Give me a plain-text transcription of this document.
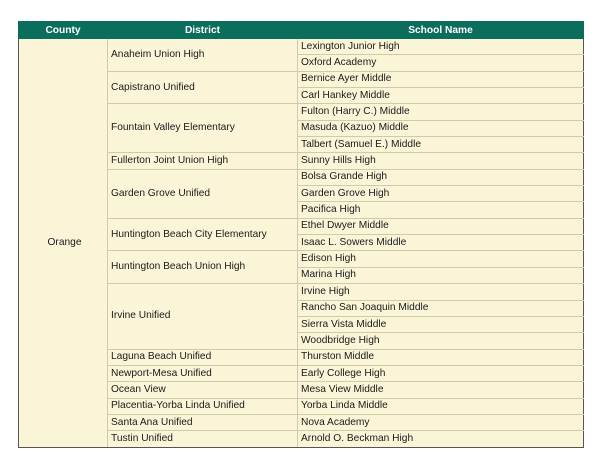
County	District	School Name
Orange	Anaheim Union High	Lexington Junior High
		Oxford Academy
	Capistrano Unified	Bernice Ayer Middle
		Carl Hankey Middle
	Fountain Valley Elementary	Fulton (Harry C.) Middle
		Masuda (Kazuo) Middle
		Talbert (Samuel E.) Middle
	Fullerton Joint Union High	Sunny Hills High
	Garden Grove Unified	Bolsa Grande High
		Garden Grove High
		Pacifica High
	Huntington Beach City Elementary	Ethel Dwyer Middle
		Isaac L. Sowers Middle
	Huntington Beach Union High	Edison High
		Marina High
	Irvine Unified	Irvine High
		Rancho San Joaquin Middle
		Sierra Vista Middle
		Woodbridge High
	Laguna Beach Unified	Thurston Middle
	Newport-Mesa Unified	Early College High
	Ocean View	Mesa View Middle
	Placentia-Yorba Linda Unified	Yorba Linda Middle
	Santa Ana Unified	Nova Academy
	Tustin Unified	Arnold O. Beckman High
